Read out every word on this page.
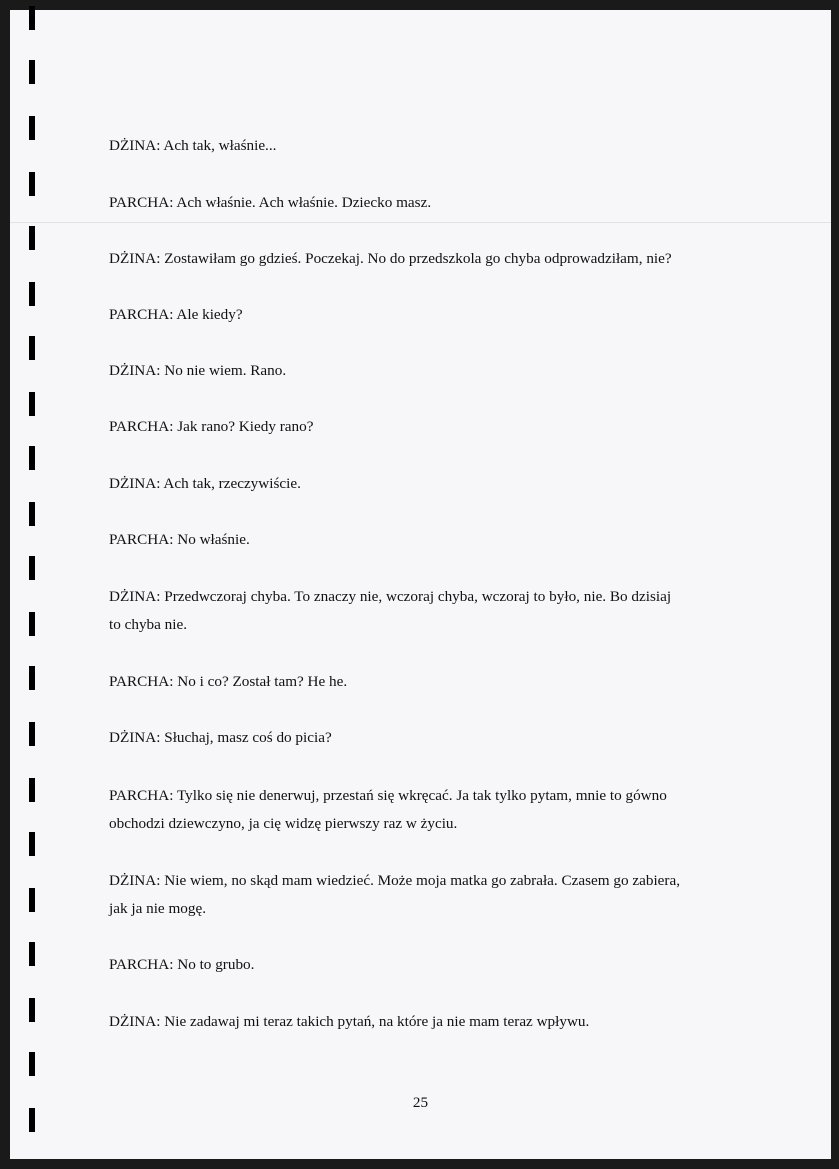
DŻINA: Ach tak, właśnie...
PARCHA: Ach właśnie. Ach właśnie. Dziecko masz.
DŻINA: Zostawiłam go gdzieś. Poczekaj. No do przedszkola go chyba odprowadziłam, nie?
PARCHA: Ale kiedy?
DŻINA: No nie wiem. Rano.
PARCHA: Jak rano? Kiedy rano?
DŻINA: Ach tak, rzeczywiście.
PARCHA: No właśnie.
DŻINA: Przedwczoraj chyba. To znaczy nie, wczoraj chyba, wczoraj to było, nie. Bo dzisiaj
to chyba nie.
PARCHA: No i co? Został tam? He he.
DŻINA: Słuchaj, masz coś do picia?
PARCHA: Tylko się nie denerwuj, przestań się wkręcać. Ja tak tylko pytam, mnie to gówno
obchodzi dziewczyno, ja cię widzę pierwszy raz w życiu.
DŻINA: Nie wiem, no skąd mam wiedzieć. Może moja matka go zabrała. Czasem go zabiera,
jak ja nie mogę.
PARCHA: No to grubo.
DŻINA: Nie zadawaj mi teraz takich pytań, na które ja nie mam teraz wpływu.
25
